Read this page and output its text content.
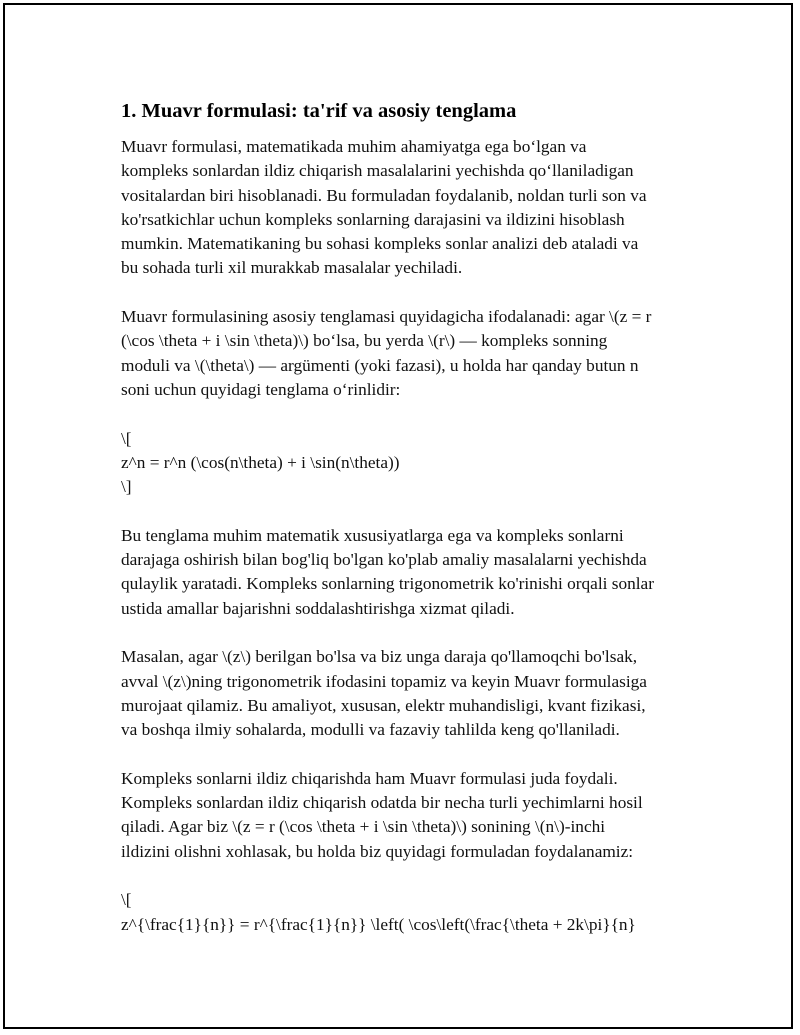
1. Muavr formulasi: ta'rif va asosiy tenglama

Muavr formulasi, matematikada muhim ahamiyatga ega bo‘lgan va
kompleks sonlardan ildiz chiqarish masalalarini yechishda qo‘llaniladigan
vositalardan biri hisoblanadi. Bu formuladan foydalanib, noldan turli son va
ko'rsatkichlar uchun kompleks sonlarning darajasini va ildizini hisoblash
mumkin. Matematikaning bu sohasi kompleks sonlar analizi deb ataladi va
bu sohada turli xil murakkab masalalar yechiladi.

Muavr formulasining asosiy tenglamasi quyidagicha ifodalanadi: agar \(z = r
(\cos \theta + i \sin \theta)\) bo‘lsa, bu yerda \(r\) — kompleks sonning
moduli va \(\theta\) — argümenti (yoki fazasi), u holda har qanday butun n
soni uchun quyidagi tenglama o‘rinlidir:

\[
z^n = r^n (\cos(n\theta) + i \sin(n\theta))
\]

Bu tenglama muhim matematik xususiyatlarga ega va kompleks sonlarni
darajaga oshirish bilan bog'liq bo'lgan ko'plab amaliy masalalarni yechishda
qulaylik yaratadi. Kompleks sonlarning trigonometrik ko'rinishi orqali sonlar
ustida amallar bajarishni soddalashtirishga xizmat qiladi.

Masalan, agar \(z\) berilgan bo'lsa va biz unga daraja qo'llamoqchi bo'lsak,
avval \(z\)ning trigonometrik ifodasini topamiz va keyin Muavr formulasiga
murojaat qilamiz. Bu amaliyot, xususan, elektr muhandisligi, kvant fizikasi,
va boshqa ilmiy sohalarda, modulli va fazaviy tahlilda keng qo'llaniladi.

Kompleks sonlarni ildiz chiqarishda ham Muavr formulasi juda foydali.
Kompleks sonlardan ildiz chiqarish odatda bir necha turli yechimlarni hosil
qiladi. Agar biz \(z = r (\cos \theta + i \sin \theta)\) sonining \(n\)-inchi
ildizini olishni xohlasak, bu holda biz quyidagi formuladan foydalanamiz:

\[
z^{\frac{1}{n}} = r^{\frac{1}{n}} \left( \cos\left(\frac{\theta + 2k\pi}{n}
